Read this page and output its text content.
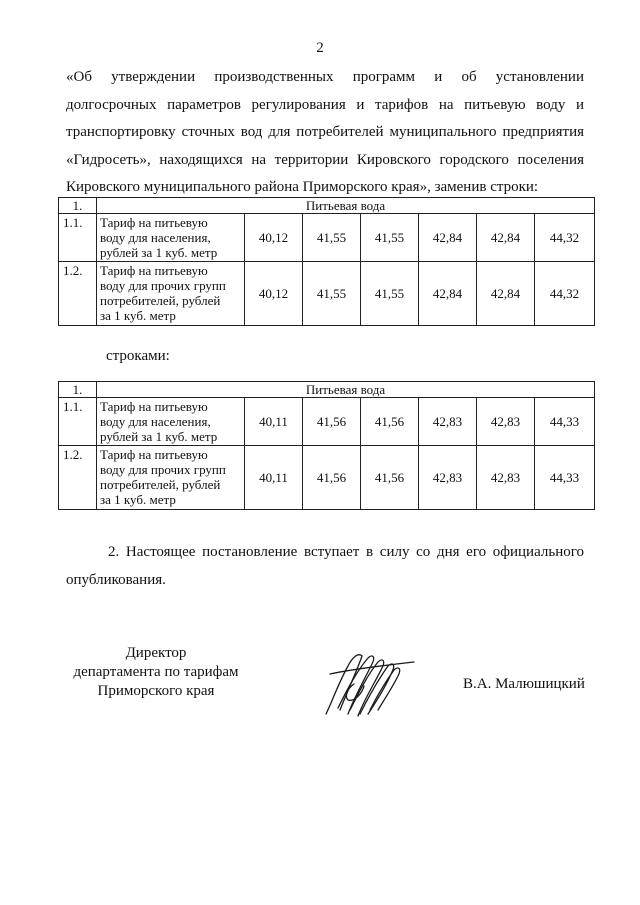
2

«Об утверждении производственных программ и об установлении

долгосрочных параметров регулирования и тарифов на питьевую воду и

транспортировку сточных вод для потребителей муниципального предприятия

«Гидросеть», находящихся на территории Кировского городского поселения

Кировского муниципального района Приморского края», заменив строки:

1.	Питьевая вода						
1.1.	Тариф на питьевую
воду для населения,
рублей за 1 куб. метр	40,12	41,55	41,55	42,84	42,84	44,32
1.2.	Тариф на питьевую
воду для прочих групп
потребителей, рублей
за 1 куб. метр	40,12	41,55	41,55	42,84	42,84	44,32
строками:
1.	Питьевая вода						
1.1.	Тариф на питьевую
воду для населения,
рублей за 1 куб. метр	40,11	41,56	41,56	42,83	42,83	44,33
1.2.	Тариф на питьевую
воду для прочих групп
потребителей, рублей
за 1 куб. метр	40,11	41,56	41,56	42,83	42,83	44,33
2. Настоящее постановление вступает в силу со дня его официального
опубликования.
Директор
департамента по тарифам
Приморского края	В.А. Малюшицкий
